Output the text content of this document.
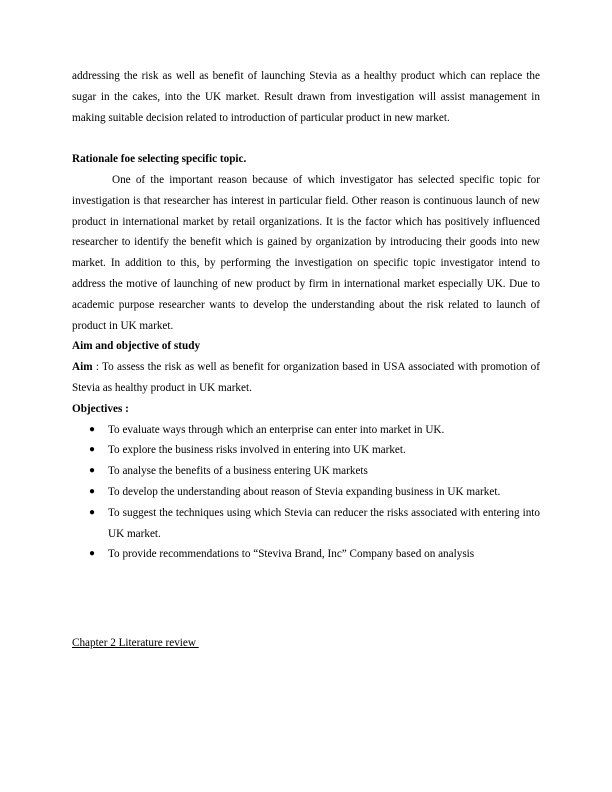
addressing the risk as well as benefit of launching Stevia as a healthy product which can replace the sugar in the cakes, into the UK market. Result drawn from investigation will assist management in making suitable decision related to introduction of particular product in new market.

Rationale foe selecting specific topic.

One of the important reason because of which investigator has selected specific topic for investigation is that researcher has interest in particular field. Other reason is continuous launch of new product in international market by retail organizations. It is the factor which has positively influenced researcher to identify the benefit which is gained by organization by introducing their goods into new market. In addition to this, by performing the investigation on specific topic investigator intend to address the motive of launching of new product by firm in international market especially UK. Due to academic purpose researcher wants to develop the understanding about the risk related to launch of product in UK market.

Aim and objective of study

Aim : To assess the risk as well as benefit for organization based in USA associated with promotion of Stevia as healthy product in UK market.

Objectives :

● To evaluate ways through which an enterprise can enter into market in UK.
● To explore the business risks involved in entering into UK market.
● To analyse the benefits of a business entering UK markets
● To develop the understanding about reason of Stevia expanding business in UK market.
● To suggest the techniques using which Stevia can reducer the risks associated with entering into UK market.
● To provide recommendations to “Steviva Brand, Inc” Company based on analysis
Chapter 2 Literature review
